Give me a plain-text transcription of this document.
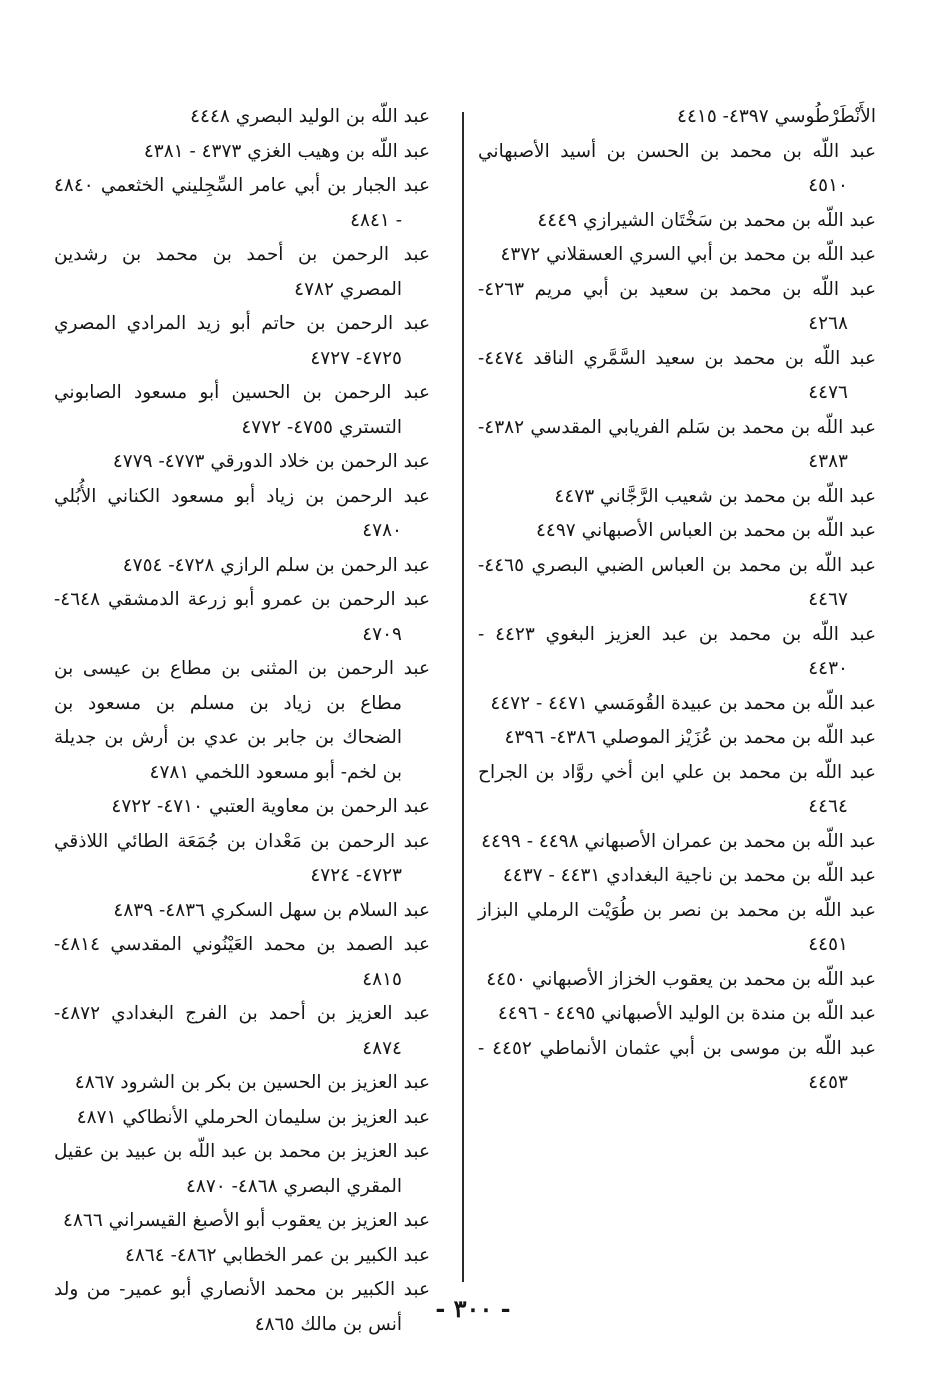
الأَنْطَرْطُوسي ٤٣٩٧- ٤٤١٥

عبد اللّه بن محمد بن الحسن بن أسيد الأصبهاني ٤٥١٠

عبد اللّه بن محمد بن سَخْتَان الشيرازي ٤٤٤٩

عبد اللّه بن محمد بن أبي السري العسقلاني ٤٣٧٢

عبد اللّه بن محمد بن سعيد بن أبي مريم ٤٢٦٣- ٤٢٦٨

عبد اللّه بن محمد بن سعيد السَّمَّري الناقد ٤٤٧٤- ٤٤٧٦

عبد اللّه بن محمد بن سَلم الفريابي المقدسي ٤٣٨٢- ٤٣٨٣

عبد اللّه بن محمد بن شعيب الرَّجَّاني ٤٤٧٣

عبد اللّه بن محمد بن العباس الأصبهاني ٤٤٩٧

عبد اللّه بن محمد بن العباس الضبي البصري ٤٤٦٥- ٤٤٦٧

عبد اللّه بن محمد بن عبد العزيز البغوي ٤٤٢٣ - ٤٤٣٠

عبد اللّه بن محمد بن عبيدة القُومَسي ٤٤٧١ - ٤٤٧٢

عبد اللّه بن محمد بن عُزَيْز الموصلي ٤٣٨٦- ٤٣٩٦

عبد اللّه بن محمد بن علي ابن أخي روَّاد بن الجراح ٤٤٦٤

عبد اللّه بن محمد بن عمران الأصبهاني ٤٤٩٨ - ٤٤٩٩

عبد اللّه بن محمد بن ناجية البغدادي ٤٤٣١ - ٤٤٣٧

عبد اللّه بن محمد بن نصر بن طُوَيْت الرملي البزاز ٤٤٥١

عبد اللّه بن محمد بن يعقوب الخزاز الأصبهاني ٤٤٥٠

عبد اللّه بن مندة بن الوليد الأصبهاني ٤٤٩٥ - ٤٤٩٦

عبد اللّه بن موسى بن أبي عثمان الأنماطي ٤٤٥٢ - ٤٤٥٣

عبد اللّه بن الوليد البصري ٤٤٤٨

عبد اللّه بن وهيب الغزي ٤٣٧٣ - ٤٣٨١

عبد الجبار بن أبي عامر السِّجِليني الخثعمي ٤٨٤٠ - ٤٨٤١

عبد الرحمن بن أحمد بن محمد بن رشدين المصري ٤٧٨٢

عبد الرحمن بن حاتم أبو زيد المرادي المصري ٤٧٢٥- ٤٧٢٧

عبد الرحمن بن الحسين أبو مسعود الصابوني التستري ٤٧٥٥- ٤٧٧٢

عبد الرحمن بن خلاد الدورقي ٤٧٧٣- ٤٧٧٩

عبد الرحمن بن زياد أبو مسعود الكناني الأُبُلي ٤٧٨٠

عبد الرحمن بن سلم الرازي ٤٧٢٨- ٤٧٥٤

عبد الرحمن بن عمرو أبو زرعة الدمشقي ٤٦٤٨- ٤٧٠٩

عبد الرحمن بن المثنى بن مطاع بن عيسى بن مطاع بن زياد بن مسلم بن مسعود بن الضحاك بن جابر بن عدي بن أرش بن جديلة بن لخم- أبو مسعود اللخمي ٤٧٨١

عبد الرحمن بن معاوية العتبي ٤٧١٠- ٤٧٢٢

عبد الرحمن بن مَعْدان بن جُمَعَة الطائي اللاذقي ٤٧٢٣- ٤٧٢٤

عبد السلام بن سهل السكري ٤٨٣٦- ٤٨٣٩

عبد الصمد بن محمد العَيْنُوني المقدسي ٤٨١٤- ٤٨١٥

عبد العزيز بن أحمد بن الفرج البغدادي ٤٨٧٢- ٤٨٧٤

عبد العزيز بن الحسين بن بكر بن الشرود ٤٨٦٧

عبد العزيز بن سليمان الحرملي الأنطاكي ٤٨٧١

عبد العزيز بن محمد بن عبد اللّه بن عبيد بن عقيل المقري البصري ٤٨٦٨- ٤٨٧٠

عبد العزيز بن يعقوب أبو الأصبغ القيسراني ٤٨٦٦

عبد الكبير بن عمر الخطابي ٤٨٦٢- ٤٨٦٤

عبد الكبير بن محمد الأنصاري أبو عمير- من ولد أنس بن مالك ٤٨٦٥

- ٣٠٠ -
